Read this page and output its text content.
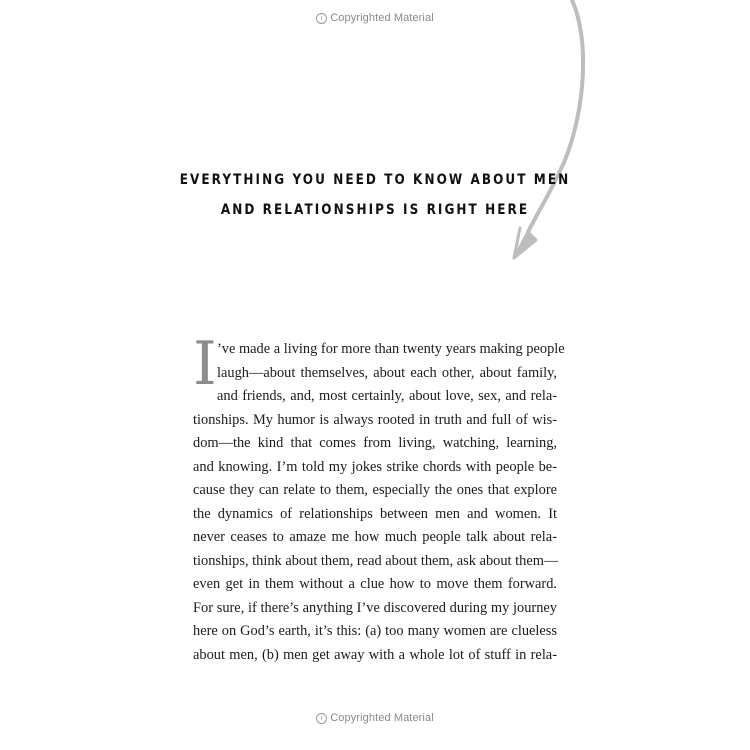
i Copyrighted Material
EVERYTHING YOU NEED TO KNOW ABOUT MEN
AND RELATIONSHIPS IS RIGHT HERE
I ’ve made a living for more than twenty years making people
laugh—about themselves, about each other, about family,
and friends, and, most certainly, about love, sex, and rela-
tionships. My humor is always rooted in truth and full of wis-
dom—the kind that comes from living, watching, learning,
and knowing. I’m told my jokes strike chords with people be-
cause they can relate to them, especially the ones that explore
the dynamics of relationships between men and women. It
never ceases to amaze me how much people talk about rela-
tionships, think about them, read about them, ask about them—
even get in them without a clue how to move them forward.
For sure, if there’s anything I’ve discovered during my journey
here on God’s earth, it’s this: (a) too many women are clueless
about men, (b) men get away with a whole lot of stuff in rela-
i Copyrighted Material
